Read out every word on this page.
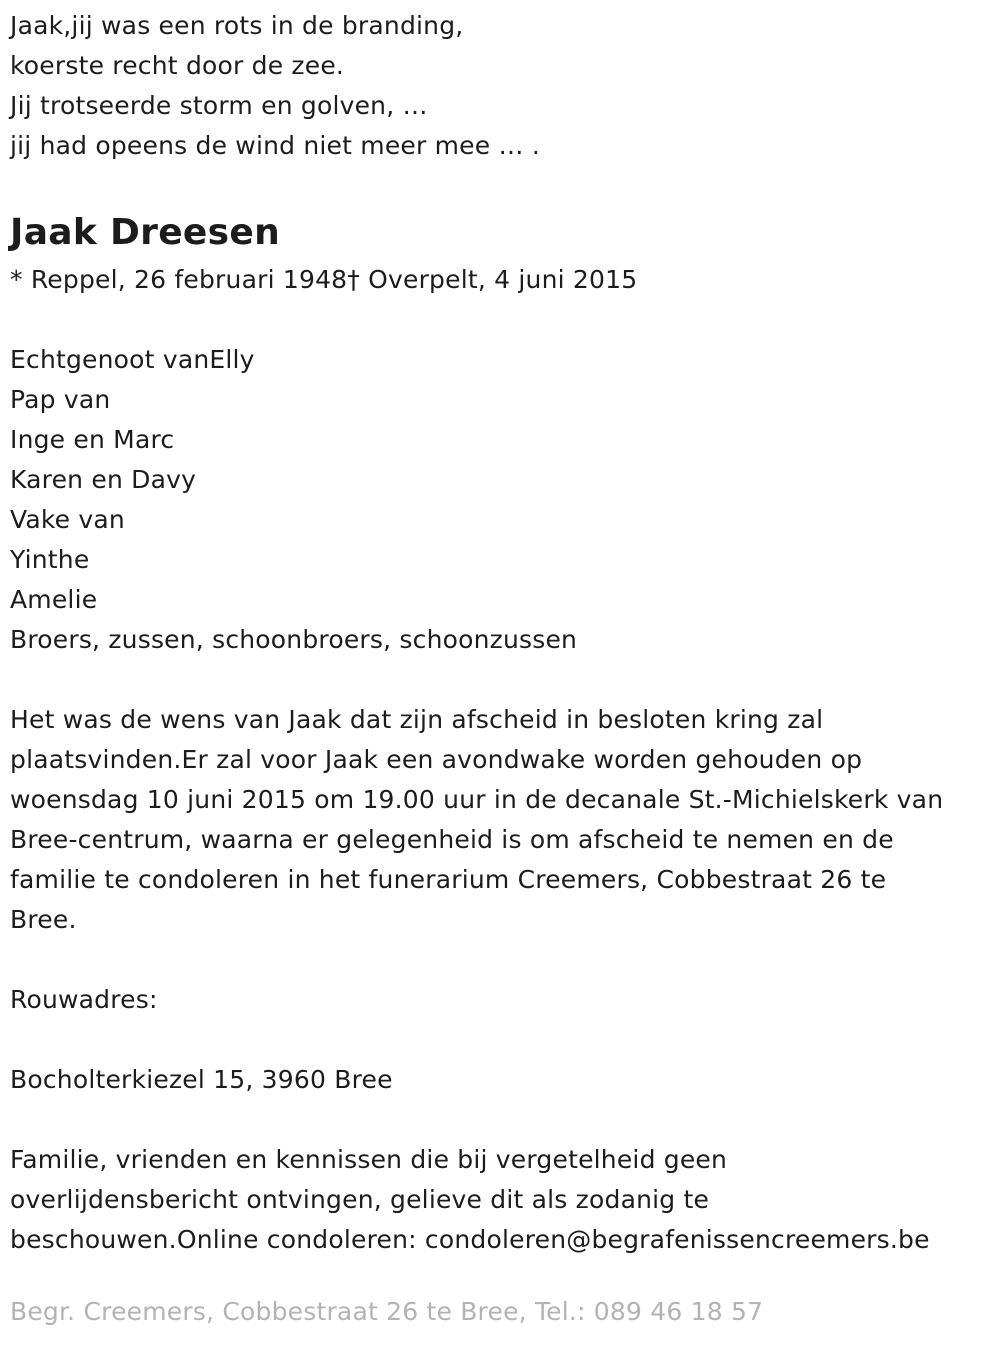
Jaak,jij was een rots in de branding,
koerste recht door de zee.
Jij trotseerde storm en golven, …
jij had opeens de wind niet meer mee … .
Jaak Dreesen
* Reppel, 26 februari 1948† Overpelt, 4 juni 2015
Echtgenoot vanElly
Pap van
Inge en Marc
Karen en Davy
Vake van
Yinthe
Amelie
Broers, zussen, schoonbroers, schoonzussen
Het was de wens van Jaak dat zijn afscheid in besloten kring zal
plaatsvinden.Er zal voor Jaak een avondwake worden gehouden op
woensdag 10 juni 2015 om 19.00 uur in de decanale St.-Michielskerk van
Bree-centrum, waarna er gelegenheid is om afscheid te nemen en de
familie te condoleren in het funerarium Creemers, Cobbestraat 26 te
Bree.
Rouwadres:
Bocholterkiezel 15, 3960 Bree
Familie, vrienden en kennissen die bij vergetelheid geen
overlijdensbericht ontvingen, gelieve dit als zodanig te
beschouwen.Online condoleren: condoleren@begrafenissencreemers.be
Begr. Creemers, Cobbestraat 26 te Bree, Tel.: 089 46 18 57
